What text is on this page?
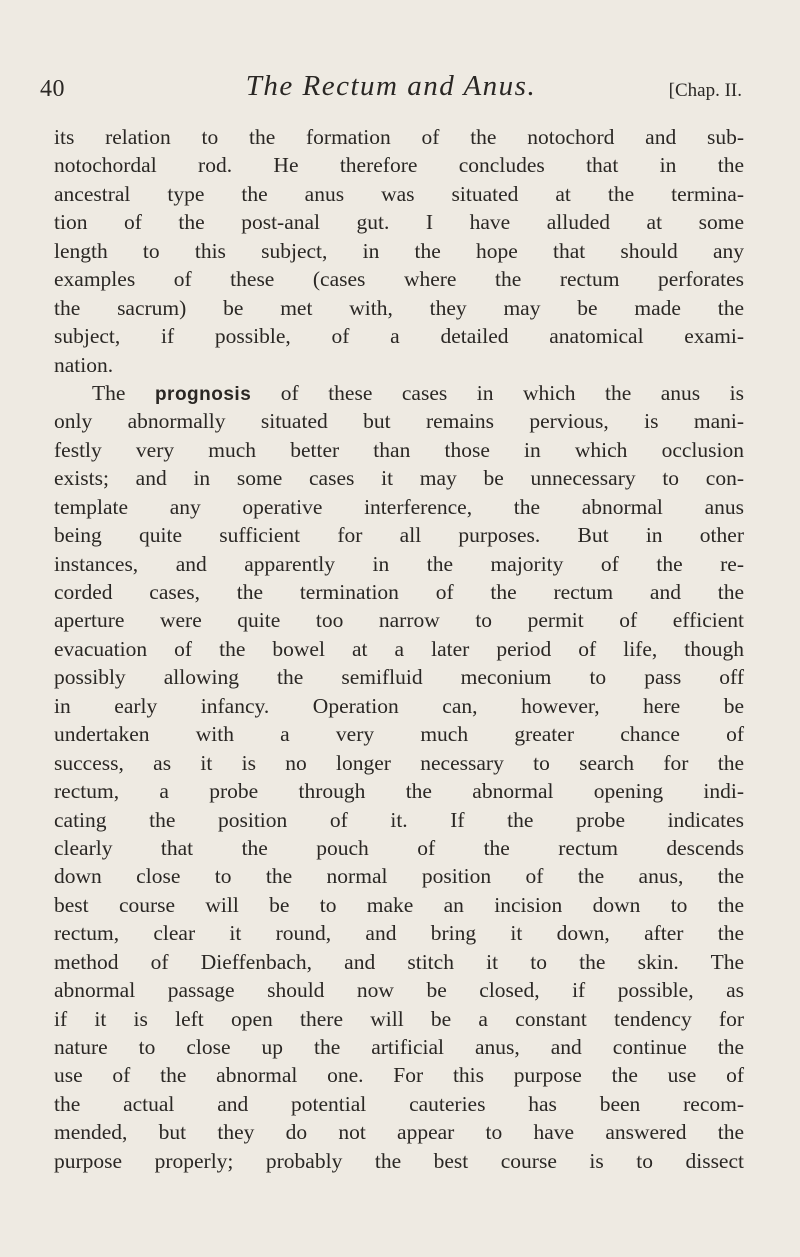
40	The Rectum and Anus.	[Chap. II.
its relation to the formation of the notochord and sub-
notochordal rod. He therefore concludes that in the
ancestral type the anus was situated at the termina-
tion of the post-anal gut. I have alluded at some
length to this subject, in the hope that should any
examples of these (cases where the rectum perforates
the sacrum) be met with, they may be made the
subject, if possible, of a detailed anatomical exami-
nation.
The prognosis of these cases in which the anus is
only abnormally situated but remains pervious, is mani-
festly very much better than those in which occlusion
exists; and in some cases it may be unnecessary to con-
template any operative interference, the abnormal anus
being quite sufficient for all purposes. But in other
instances, and apparently in the majority of the re-
corded cases, the termination of the rectum and the
aperture were quite too narrow to permit of efficient
evacuation of the bowel at a later period of life, though
possibly allowing the semifluid meconium to pass off
in early infancy. Operation can, however, here be
undertaken with a very much greater chance of
success, as it is no longer necessary to search for the
rectum, a probe through the abnormal opening indi-
cating the position of it. If the probe indicates
clearly that the pouch of the rectum descends
down close to the normal position of the anus, the
best course will be to make an incision down to the
rectum, clear it round, and bring it down, after the
method of Dieffenbach, and stitch it to the skin. The
abnormal passage should now be closed, if possible, as
if it is left open there will be a constant tendency for
nature to close up the artificial anus, and continue the
use of the abnormal one. For this purpose the use of
the actual and potential cauteries has been recom-
mended, but they do not appear to have answered the
purpose properly; probably the best course is to dissect
